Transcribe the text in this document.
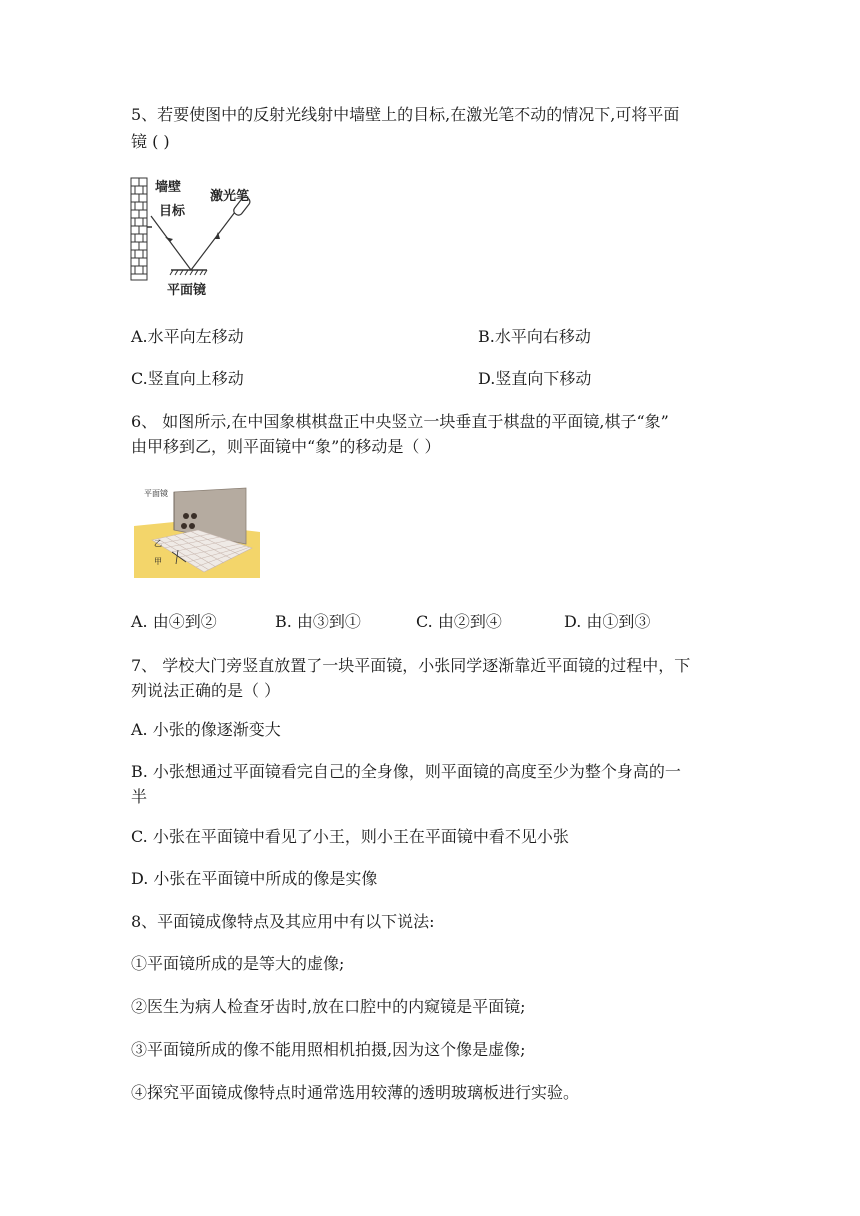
5、若要使图中的反射光线射中墙壁上的目标,在激光笔不动的情况下,可将平面
镜 ( )
墙壁
目标
激光笔
平面镜
A.水平向左移动	B.水平向右移动
C.竖直向上移动	D.竖直向下移动
6、 如图所示,在中国象棋棋盘正中央竖立一块垂直于棋盘的平面镜,棋子“象”
由甲移到乙，则平面镜中“象”的移动是（ ）
平面镜
乙
甲
A. 由④到②	B. 由③到①	C. 由②到④	D. 由①到③
7、 学校大门旁竖直放置了一块平面镜，小张同学逐渐靠近平面镜的过程中，下
列说法正确的是（ ）
A. 小张的像逐渐变大
B. 小张想通过平面镜看完自己的全身像，则平面镜的高度至少为整个身高的一
半
C. 小张在平面镜中看见了小王，则小王在平面镜中看不见小张
D. 小张在平面镜中所成的像是实像
8、平面镜成像特点及其应用中有以下说法:
①平面镜所成的是等大的虚像;
②医生为病人检查牙齿时,放在口腔中的内窥镜是平面镜;
③平面镜所成的像不能用照相机拍摄,因为这个像是虚像;
④探究平面镜成像特点时通常选用较薄的透明玻璃板进行实验。
